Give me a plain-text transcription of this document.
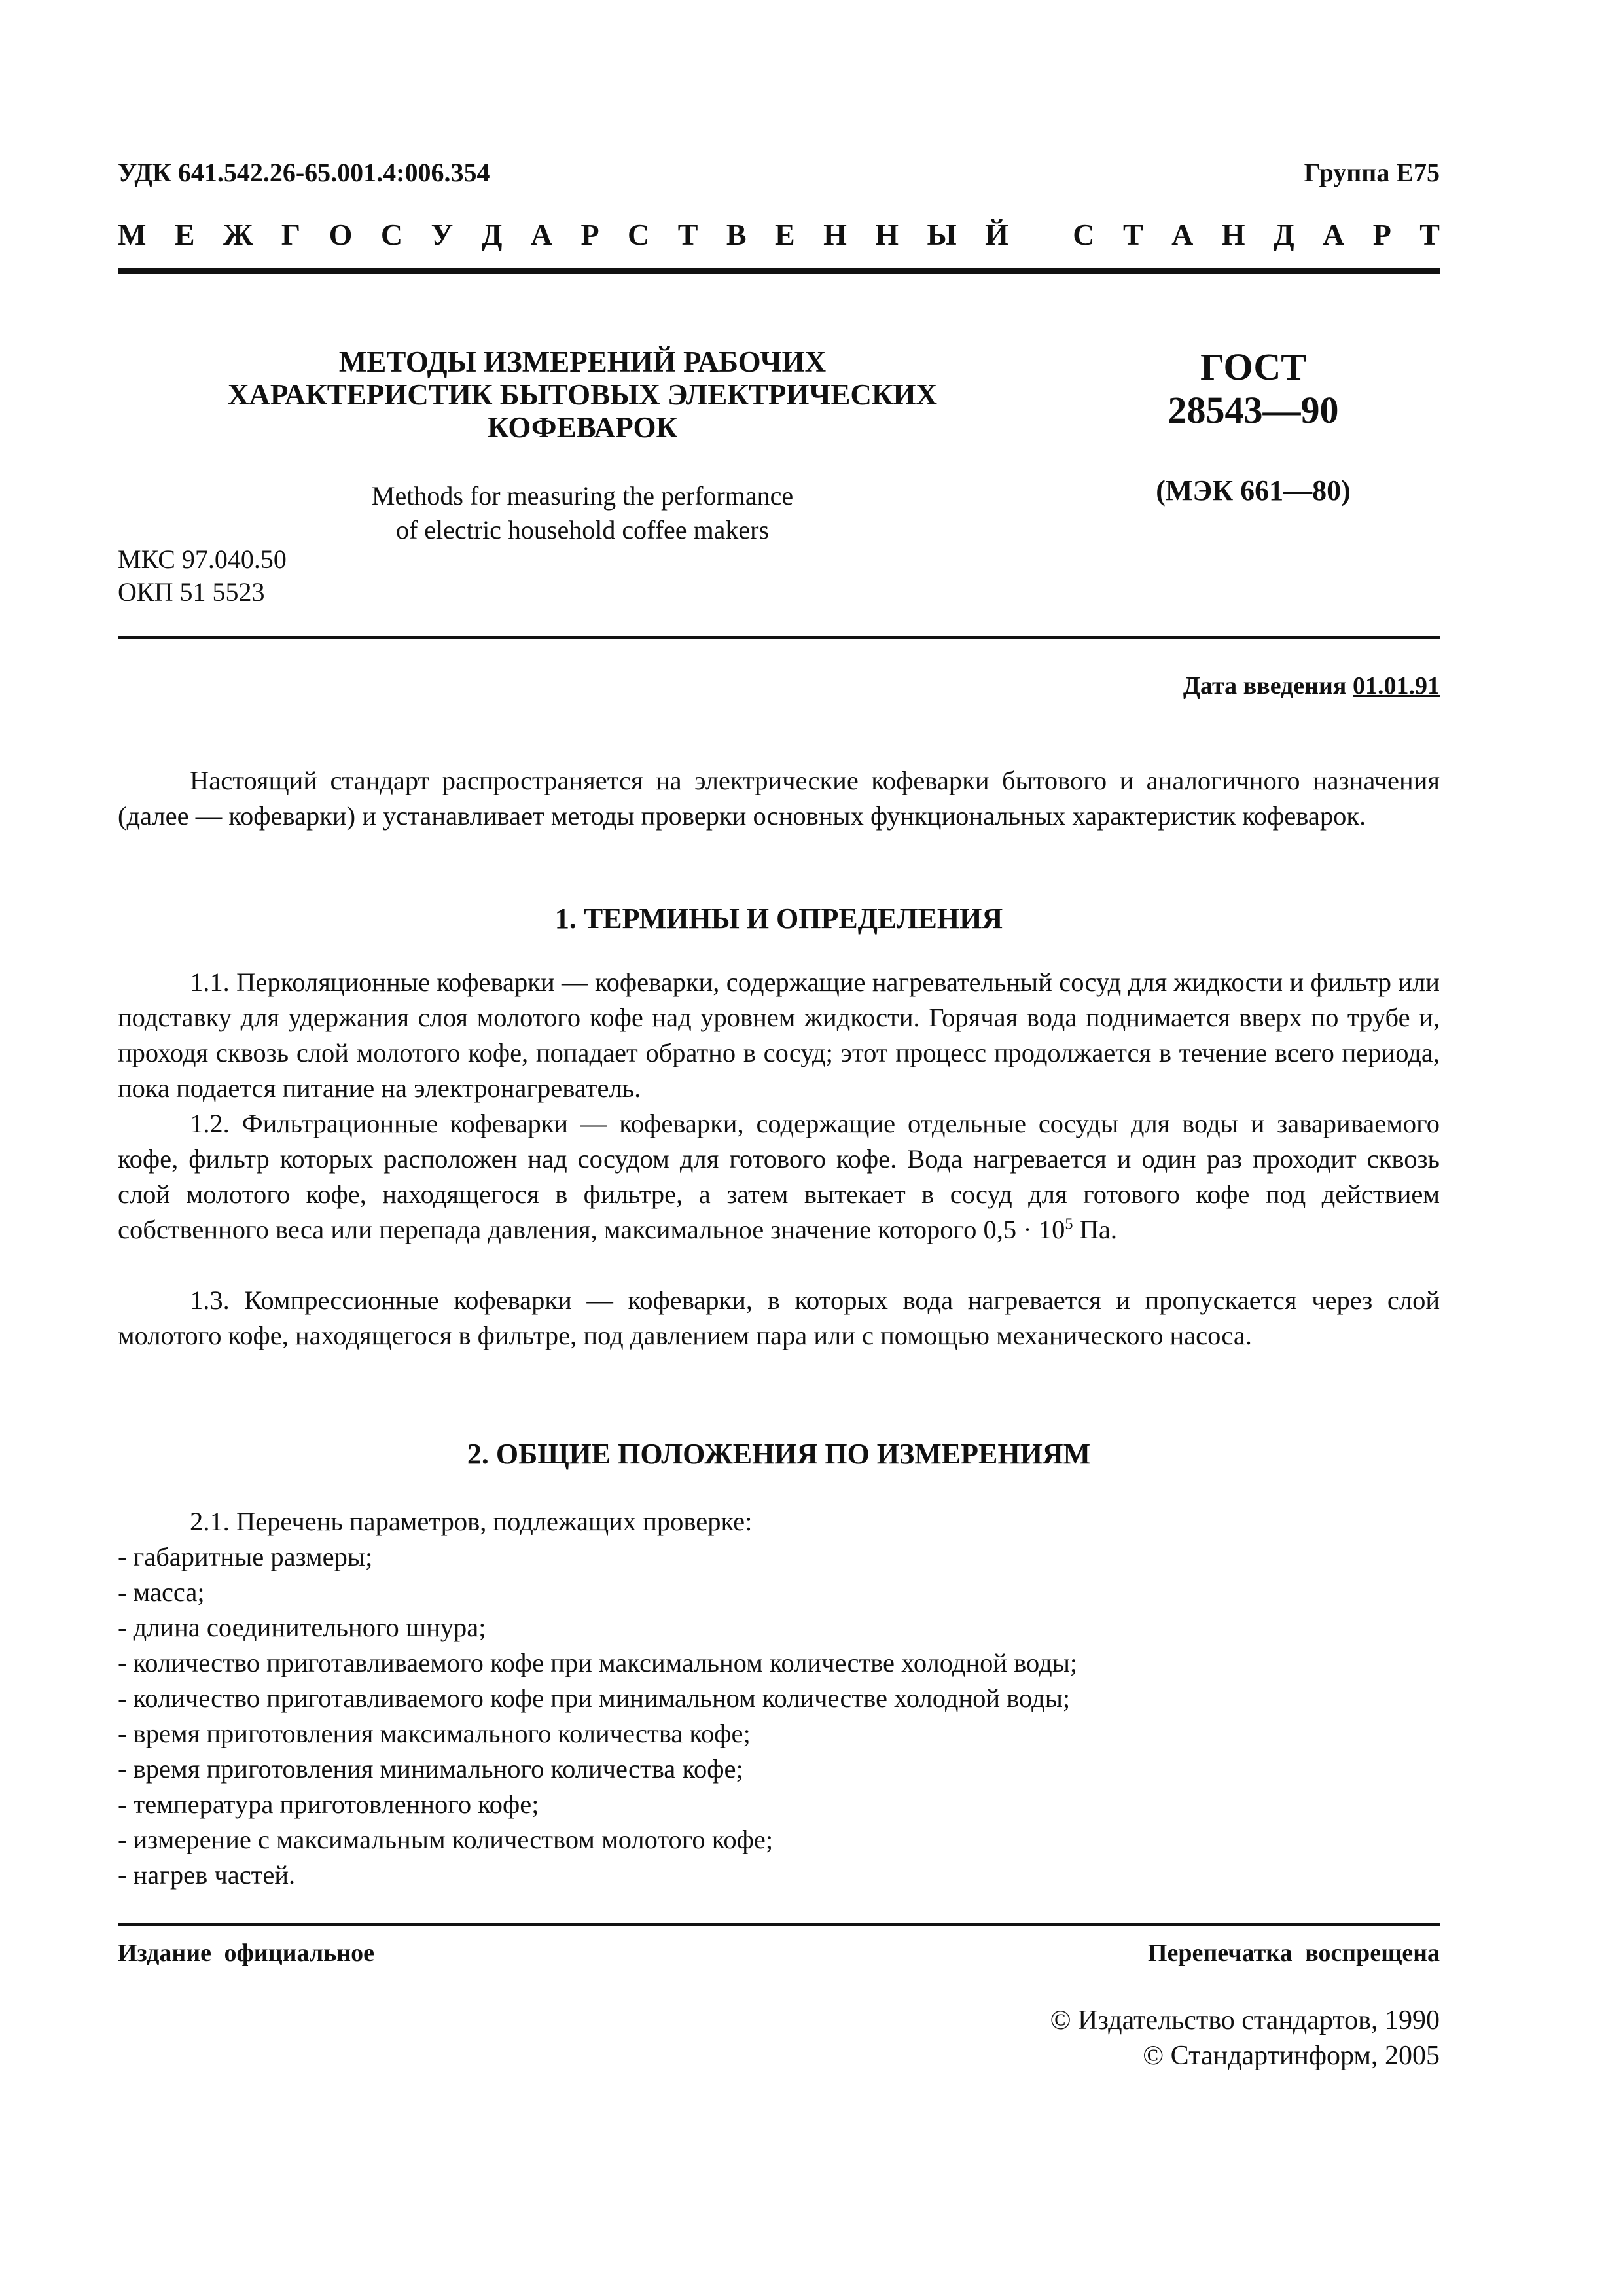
УДК 641.542.26-65.001.4:006.354	Группа Е75
М Е Ж Г О С У Д А Р С Т В Е Н Н Ы Й
С Т А Н Д А Р Т
МЕТОДЫ ИЗМЕРЕНИЙ РАБОЧИХ
ХАРАКТЕРИСТИК БЫТОВЫХ ЭЛЕКТРИЧЕСКИХ
КОФЕВАРОК
ГОСТ
28543—90
Methods for measuring the performance
of electric household coffee makers
(МЭК 661—80)
МКС 97.040.50
ОКП 51 5523
Дата введения 01.01.91

Настоящий стандарт распространяется на электрические кофеварки бытового и аналогичного назначения (далее — кофеварки) и устанавливает методы проверки основных функциональных характеристик кофеварок.

1. ТЕРМИНЫ И ОПРЕДЕЛЕНИЯ

1.1. Перколяционные кофеварки — кофеварки, содержащие нагревательный сосуд для жидкости и фильтр или подставку для удержания слоя молотого кофе над уровнем жидкости. Горячая вода поднимается вверх по трубе и, проходя сквозь слой молотого кофе, попадает обратно в сосуд; этот процесс продолжается в течение всего периода, пока подается питание на электронагреватель.

1.2. Фильтрационные кофеварки — кофеварки, содержащие отдельные сосуды для воды и завариваемого кофе, фильтр которых расположен над сосудом для готового кофе. Вода нагревается и один раз проходит сквозь слой молотого кофе, находящегося в фильтре, а затем вытекает в сосуд для готового кофе под действием собственного веса или перепада давления, максимальное значение которого $0,5 \cdot 10^5$ Па.

1.3. Компрессионные кофеварки — кофеварки, в которых вода нагревается и пропускается через слой молотого кофе, находящегося в фильтре, под давлением пара или с помощью механического насоса.

2. ОБЩИЕ ПОЛОЖЕНИЯ ПО ИЗМЕРЕНИЯМ
2.1. Перечень параметров, подлежащих проверке:
- габаритные размеры;
- масса;
- длина соединительного шнура;
- количество приготавливаемого кофе при максимальном количестве холодной воды;
- количество приготавливаемого кофе при минимальном количестве холодной воды;
- время приготовления максимального количества кофе;
- время приготовления минимального количества кофе;
- температура приготовленного кофе;
- измерение с максимальным количеством молотого кофе;
- нагрев частей.
Издание официальное	Перепечатка воспрещена
© Издательство стандартов, 1990
© Стандартинформ, 2005
